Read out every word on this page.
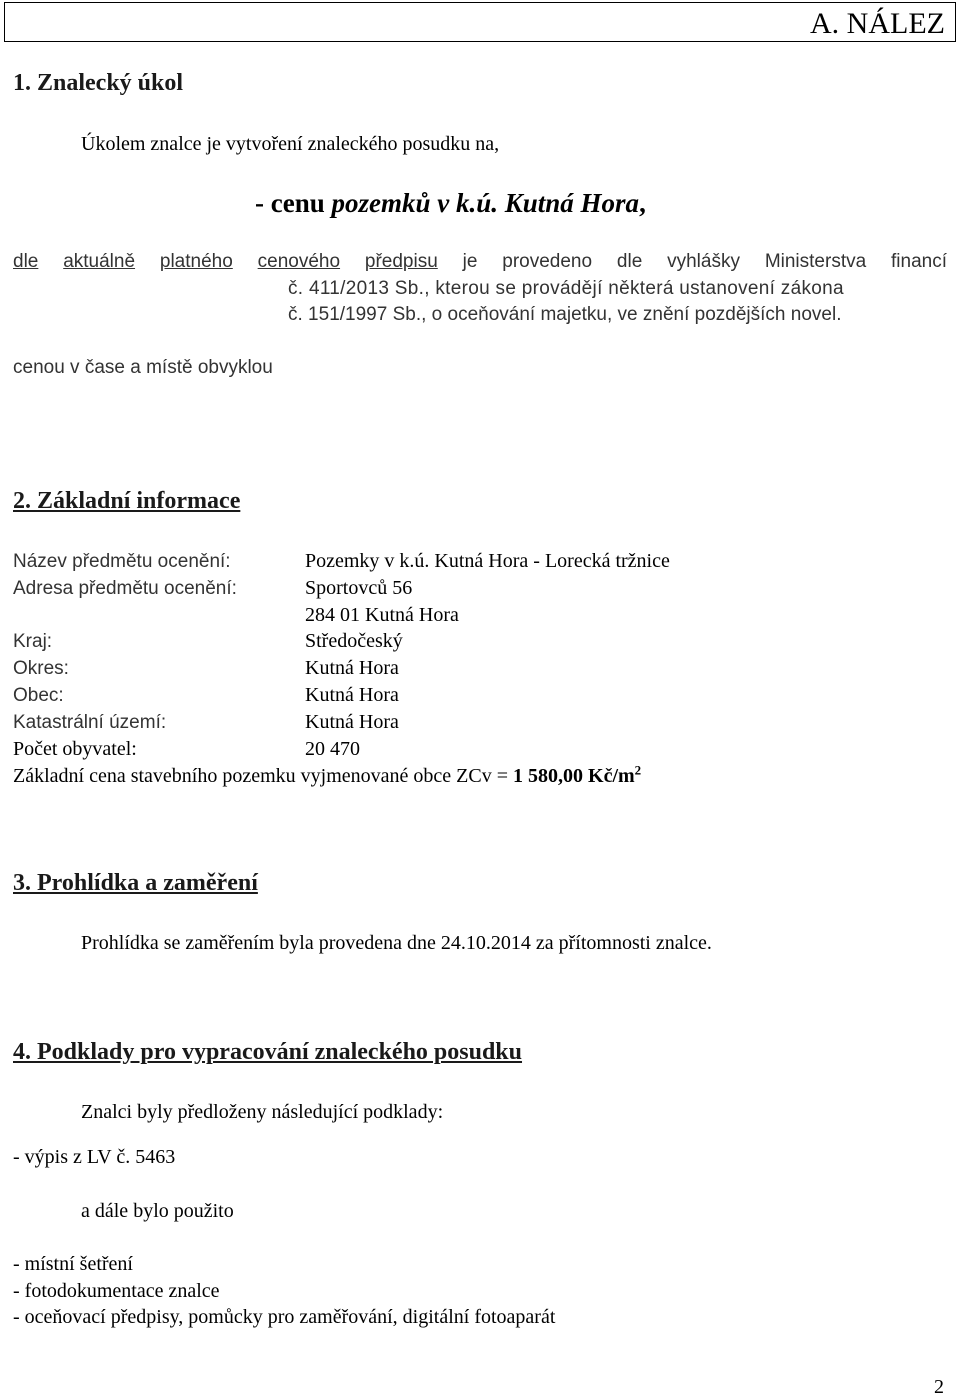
A. NÁLEZ
1. Znalecký úkol
Úkolem znalce je vytvoření znaleckého posudku na,
- cenu pozemků v k.ú. Kutná Hora,
dle aktuálně platného cenového předpisu je provedeno dle vyhlášky Ministerstva financí
č. 411/2013 Sb., kterou se provádějí některá ustanovení zákona
č. 151/1997 Sb., o oceňování majetku, ve znění pozdějších novel.
cenou v čase a místě obvyklou
2. Základní informace
Název předmětu ocenění:	Pozemky v k.ú. Kutná Hora - Lorecká tržnice
Adresa předmětu ocenění:	Sportovců 56
284 01 Kutná Hora
Kraj:	Středočeský
Okres:	Kutná Hora
Obec:	Kutná Hora
Katastrální území:	Kutná Hora
Počet obyvatel:	20 470
Základní cena stavebního pozemku vyjmenované obce ZCv = 1 580,00 $Kč/m^2$
3. Prohlídka a zaměření
Prohlídka se zaměřením byla provedena dne 24.10.2014 za přítomnosti znalce.
4. Podklady pro vypracování znaleckého posudku
Znalci byly předloženy následující podklady:
- výpis z LV č. 5463
a dále bylo použito
- místní šetření
- fotodokumentace znalce
- oceňovací předpisy, pomůcky pro zaměřování, digitální fotoaparát
2
